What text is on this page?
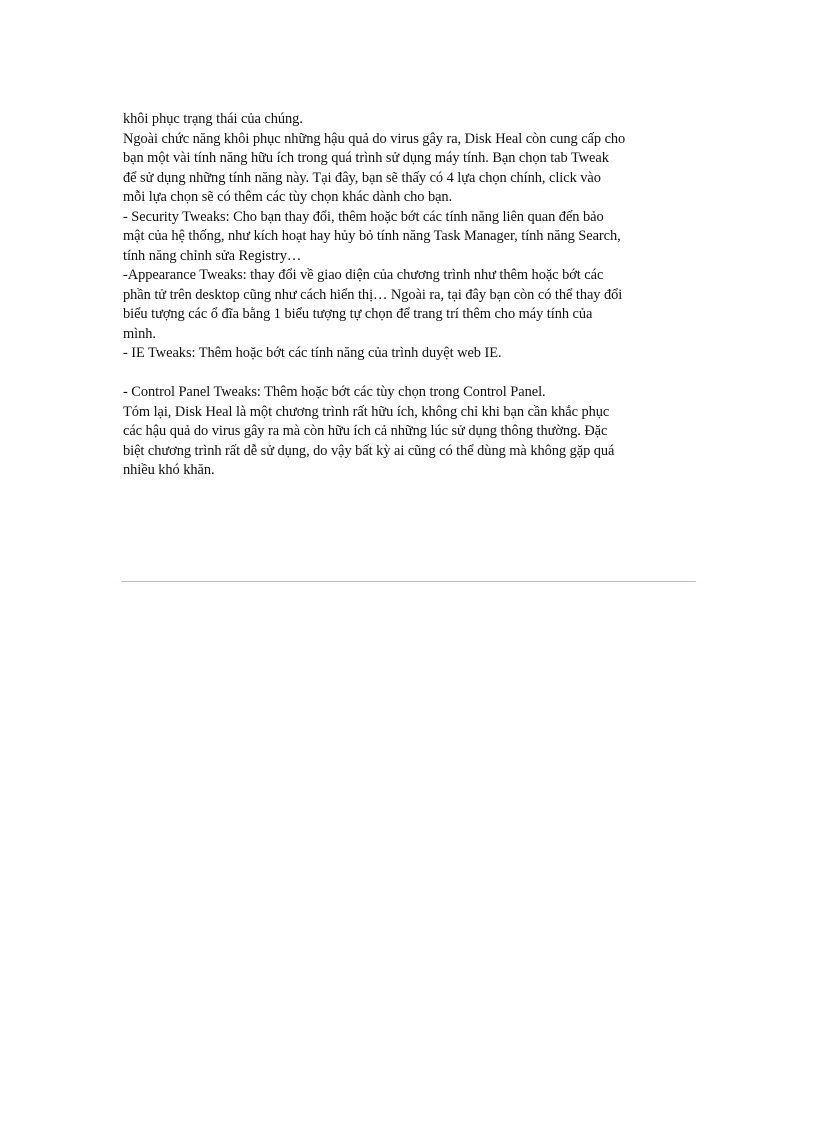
khôi phục trạng thái của chúng.
Ngoài chức năng khôi phục những hậu quả do virus gây ra, Disk Heal còn cung cấp cho
bạn một vài tính năng hữu ích trong quá trình sử dụng máy tính. Bạn chọn tab Tweak
để sử dụng những tính năng này. Tại đây, bạn sẽ thấy có 4 lựa chọn chính, click vào
mỗi lựa chọn sẽ có thêm các tùy chọn khác dành cho bạn.
- Security Tweaks: Cho bạn thay đổi, thêm hoặc bớt các tính năng liên quan đến bảo
mật của hệ thống, như kích hoạt hay hủy bỏ tính năng Task Manager, tính năng Search,
tính năng chỉnh sửa Registry…
-Appearance Tweaks: thay đổi về giao diện của chương trình như thêm hoặc bớt các
phần tử trên desktop cũng như cách hiển thị… Ngoài ra, tại đây bạn còn có thể thay đổi
biểu tượng các ổ đĩa bằng 1 biểu tượng tự chọn để trang trí thêm cho máy tính của
mình.
- IE Tweaks: Thêm hoặc bớt các tính năng của trình duyệt web IE.
- Control Panel Tweaks: Thêm hoặc bớt các tùy chọn trong Control Panel.
Tóm lại, Disk Heal là một chương trình rất hữu ích, không chỉ khi bạn cần khắc phục
các hậu quả do virus gây ra mà còn hữu ích cả những lúc sử dụng thông thường. Đặc
biệt chương trình rất dễ sử dụng, do vậy bất kỳ ai cũng có thể dùng mà không gặp quá
nhiều khó khăn.
